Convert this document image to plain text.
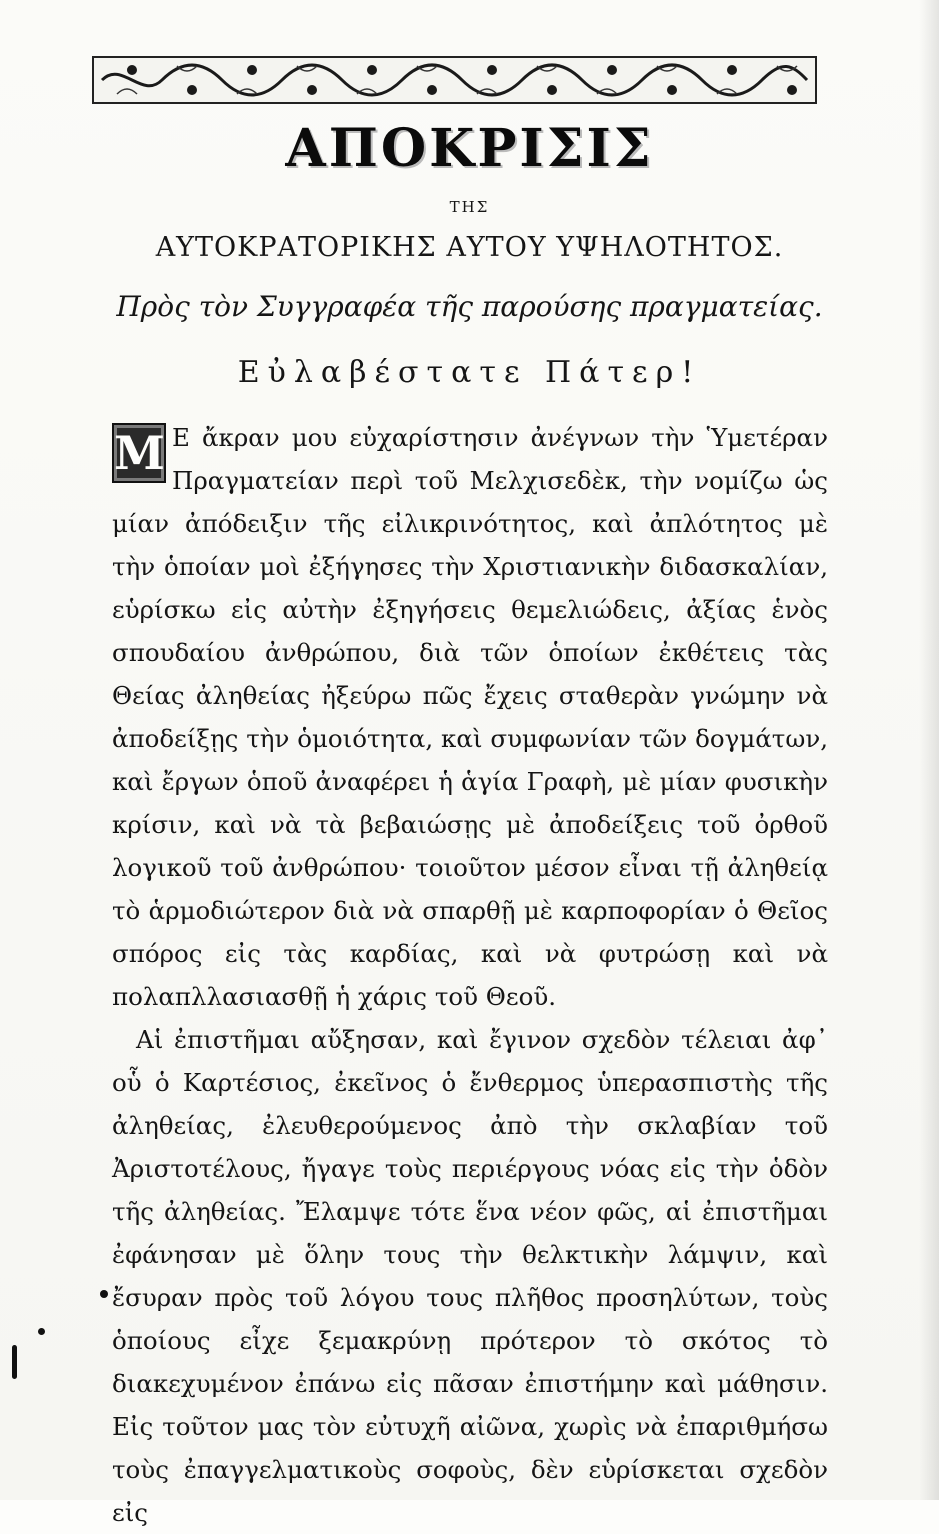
ΑΠΟΚΡΙΣΙΣ
ΤΗΣ
ΑΥΤΟΚΡΑΤΟΡΙΚΗΣ ΑΥΤΟΥ ΥΨΗΛΟΤΗΤΟΣ.
Πρὸς τὸν Συγγραφέα τῆς παρούσης πραγματείας.
Εὐλαβέστατε Πάτερ!

Μ Ε ἄκραν μου εὐχαρίστησιν ἀνέγνων τὴν Ὑμετέραν Πραγματείαν περὶ τοῦ Μελχισεδὲκ, τὴν νομίζω ὡς μίαν ἀπόδειξιν τῆς εἰλικρινότητος, καὶ ἀπλότητος μὲ τὴν ὁποίαν μοὶ ἐξήγησες τὴν Χριστιανικὴν διδασκαλίαν, εὑρίσκω εἰς αὐτὴν ἐξηγήσεις θεμελιώδεις, ἀξίας ἑνὸς σπουδαίου ἀνθρώπου, διὰ τῶν ὁποίων ἐκθέτεις τὰς Θείας ἀληθείας ἠξεύρω πῶς ἔχεις σταθερὰν γνώμην νὰ ἀποδείξῃς τὴν ὁμοιότητα, καὶ συμφωνίαν τῶν δογμάτων, καὶ ἔργων ὁποῦ ἀναφέρει ἡ ἁγία Γραφὴ, μὲ μίαν φυσικὴν κρίσιν, καὶ νὰ τὰ βεβαιώσῃς μὲ ἀποδείξεις τοῦ ὀρθοῦ λογικοῦ τοῦ ἀνθρώπου· τοιοῦτον μέσον εἶναι τῇ ἀληθείᾳ τὸ ἁρμοδιώτερον διὰ νὰ σπαρθῇ μὲ καρποφορίαν ὁ Θεῖος σπόρος εἰς τὰς καρδίας, καὶ νὰ φυτρώσῃ καὶ νὰ πολαπλλασιασθῇ ἡ χάρις τοῦ Θεοῦ.

Αἱ ἐπιστῆμαι αὔξησαν, καὶ ἔγινον σχεδὸν τέλειαι ἀφ᾽ οὗ ὁ Καρτέσιος, ἐκεῖνος ὁ ἔνθερμος ὑπερασπιστὴς τῆς ἀληθείας, ἐλευθερούμενος ἀπὸ τὴν σκλαβίαν τοῦ Ἀριστοτέλους, ἤγαγε τοὺς περιέργους νόας εἰς τὴν ὁδὸν τῆς ἀληθείας. Ἔλαμψε τότε ἕνα νέον φῶς, αἱ ἐπιστῆμαι ἐφάνησαν μὲ ὅλην τους τὴν θελκτικὴν λάμψιν, καὶ ἔσυραν πρὸς τοῦ λόγου τους πλῆθος προσηλύτων, τοὺς ὁποίους εἶχε ξεμακρύνῃ πρότερον τὸ σκότος τὸ διακεχυμένον ἐπάνω εἰς πᾶσαν ἐπιστήμην καὶ μάθησιν. Εἰς τοῦτον μας τὸν εὐτυχῆ αἰῶνα, χωρὶς νὰ ἐπαριθμήσω τοὺς ἐπαγγελματικοὺς σοφοὺς, δὲν εὑρίσκεται σχεδὸν εἰς
